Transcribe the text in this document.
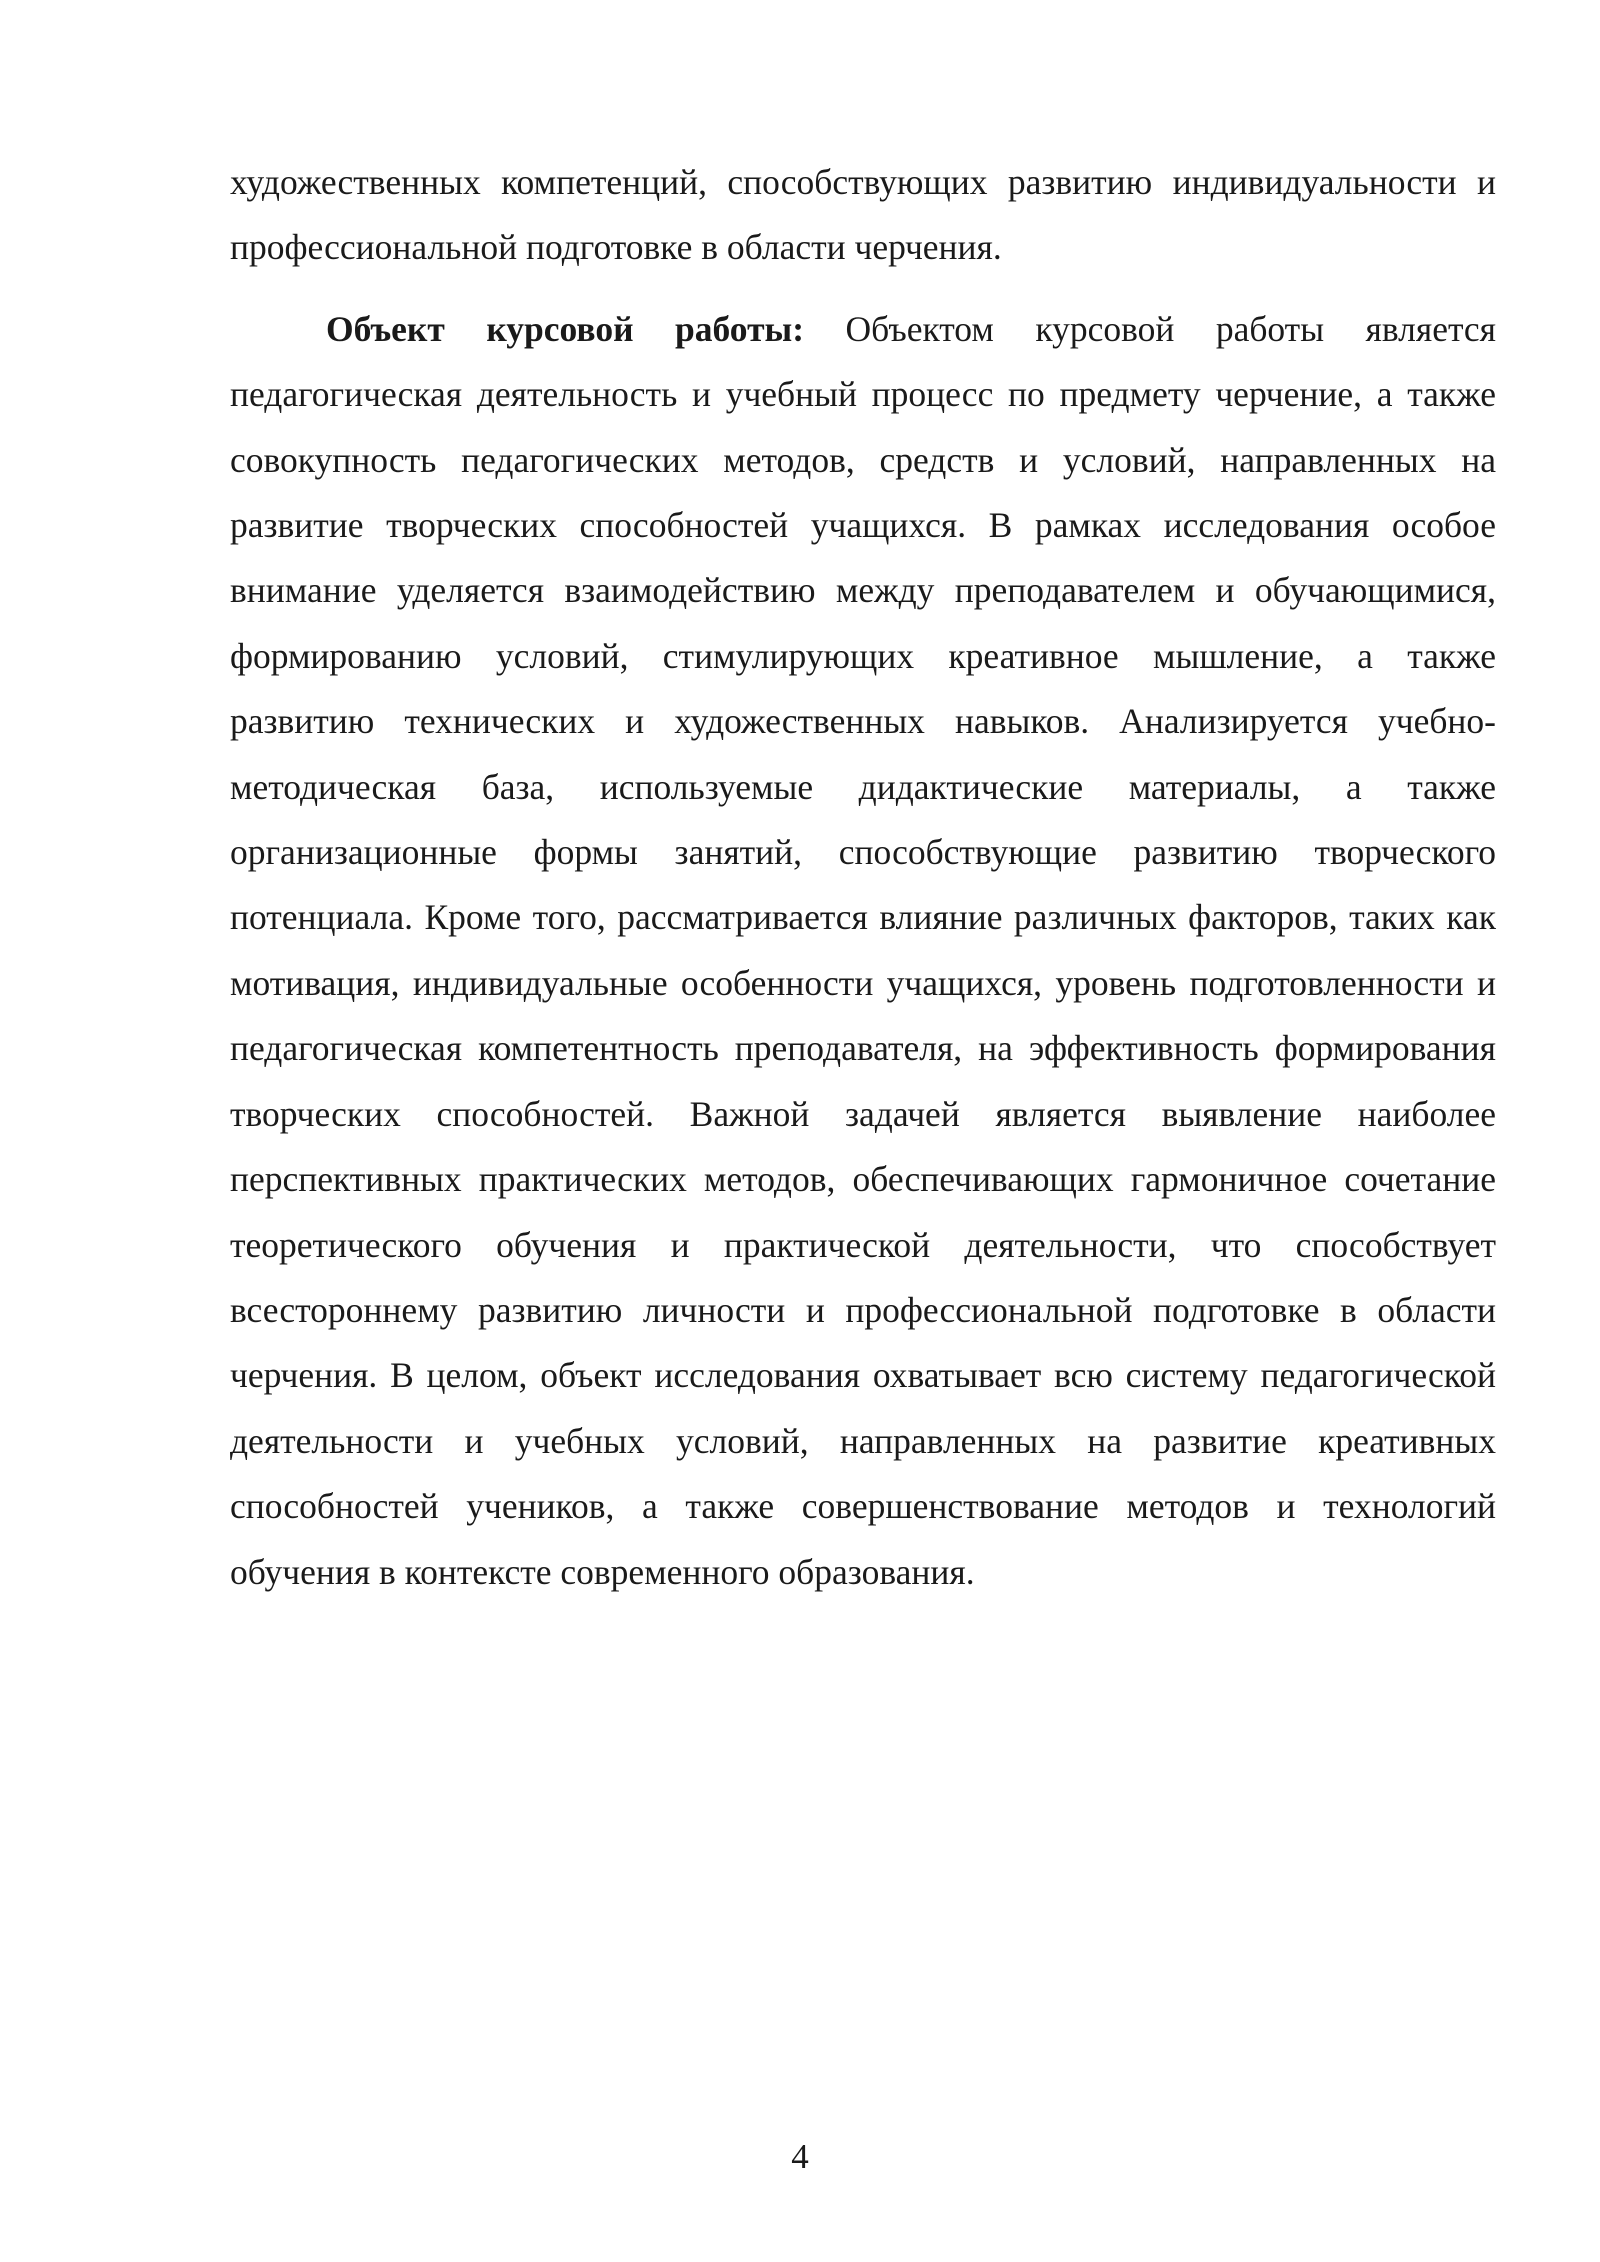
художественных компетенций, способствующих развитию индивидуальности и профессиональной подготовке в области черчения.

Объект курсовой работы: Объектом курсовой работы является педагогическая деятельность и учебный процесс по предмету черчение, а также совокупность педагогических методов, средств и условий, направленных на развитие творческих способностей учащихся. В рамках исследования особое внимание уделяется взаимодействию между преподавателем и обучающимися, формированию условий, стимулирующих креативное мышление, а также развитию технических и художественных навыков. Анализируется учебно-методическая база, используемые дидактические материалы, а также организационные формы занятий, способствующие развитию творческого потенциала. Кроме того, рассматривается влияние различных факторов, таких как мотивация, индивидуальные особенности учащихся, уровень подготовленности и педагогическая компетентность преподавателя, на эффективность формирования творческих способностей. Важной задачей является выявление наиболее перспективных практических методов, обеспечивающих гармоничное сочетание теоретического обучения и практической деятельности, что способствует всестороннему развитию личности и профессиональной подготовке в области черчения. В целом, объект исследования охватывает всю систему педагогической деятельности и учебных условий, направленных на развитие креативных способностей учеников, а также совершенствование методов и технологий обучения в контексте современного образования.

4
